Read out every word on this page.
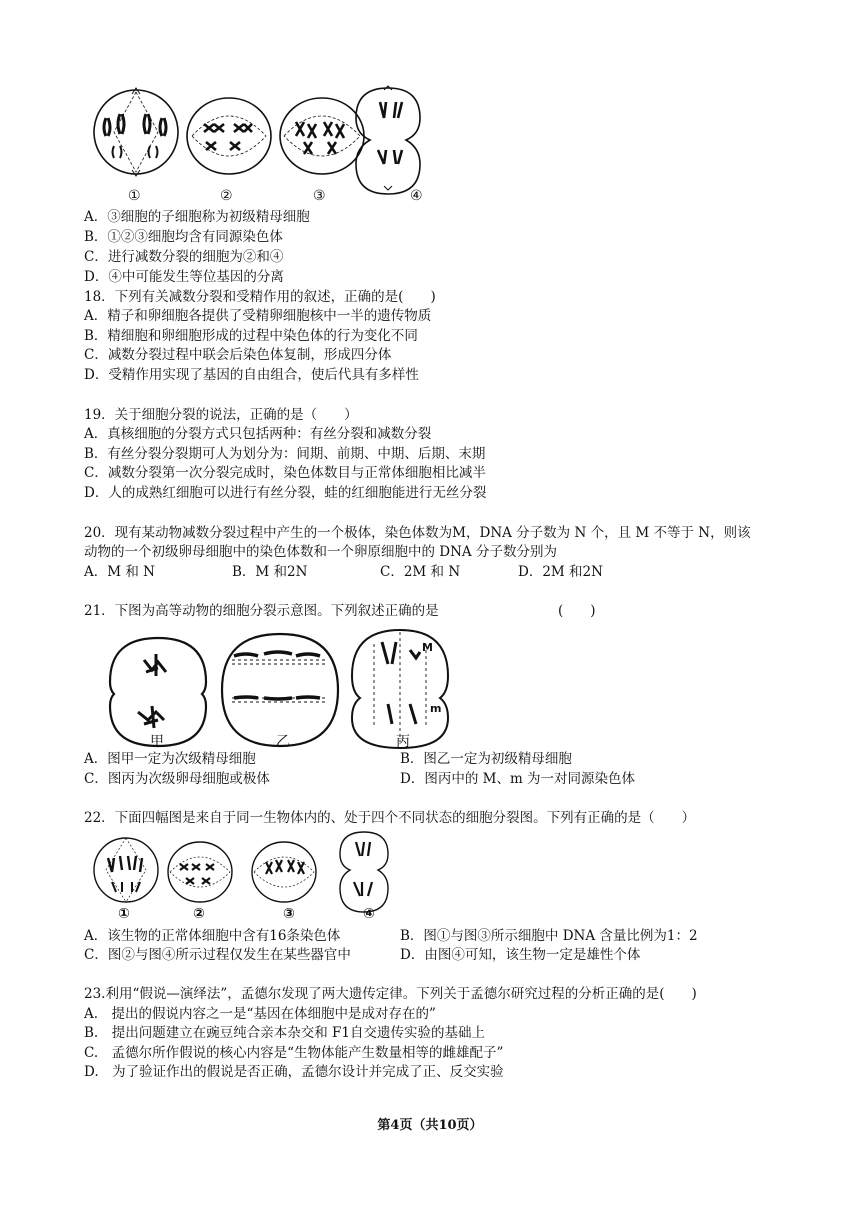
①	②	③	④
A．③细胞的子细胞称为初级精母细胞
B．①②③细胞均含有同源染色体
C．进行减数分裂的细胞为②和④
D．④中可能发生等位基因的分离
18．下列有关减数分裂和受精作用的叙述，正确的是(　　)
A．精子和卵细胞各提供了受精卵细胞核中一半的遗传物质
B．精细胞和卵细胞形成的过程中染色体的行为变化不同
C．减数分裂过程中联会后染色体复制，形成四分体
D．受精作用实现了基因的自由组合，使后代具有多样性
19．关于细胞分裂的说法，正确的是（　　）
A．真核细胞的分裂方式只包括两种：有丝分裂和减数分裂
B．有丝分裂分裂期可人为划分为：间期、前期、中期、后期、末期
C．减数分裂第一次分裂完成时，染色体数目与正常体细胞相比减半
D．人的成熟红细胞可以进行有丝分裂，蛙的红细胞能进行无丝分裂
20．现有某动物减数分裂过程中产生的一个极体，染色体数为M，DNA 分子数为 N 个，且 M 不等于 N，则该
动物的一个初级卵母细胞中的染色体数和一个卵原细胞中的 DNA 分子数分别为
A．M 和 N	B．M 和2N	C．2M 和 N	D．2M 和2N
21．下图为高等动物的细胞分裂示意图。下列叙述正确的是	(　　)
M
m
甲	乙	丙
A．图甲一定为次级精母细胞	B．图乙一定为初级精母细胞
C．图丙为次级卵母细胞或极体	D．图丙中的 M、m 为一对同源染色体
22．下面四幅图是来自于同一生物体内的、处于四个不同状态的细胞分裂图。下列有正确的是（　　）
①	②	③	④
A．该生物的正常体细胞中含有16条染色体	B．图①与图③所示细胞中 DNA 含量比例为1：2
C．图②与图④所示过程仅发生在某些器官中	D．由图④可知，该生物一定是雄性个体
23.利用“假说—演绎法”，孟德尔发现了两大遗传定律。下列关于孟德尔研究过程的分析正确的是(　　)
A.　提出的假说内容之一是“基因在体细胞中是成对存在的”
B.　提出问题建立在豌豆纯合亲本杂交和 F1自交遗传实验的基础上
C.　孟德尔所作假说的核心内容是“生物体能产生数量相等的雌雄配子”
D.　为了验证作出的假说是否正确，孟德尔设计并完成了正、反交实验
第4页（共10页）
